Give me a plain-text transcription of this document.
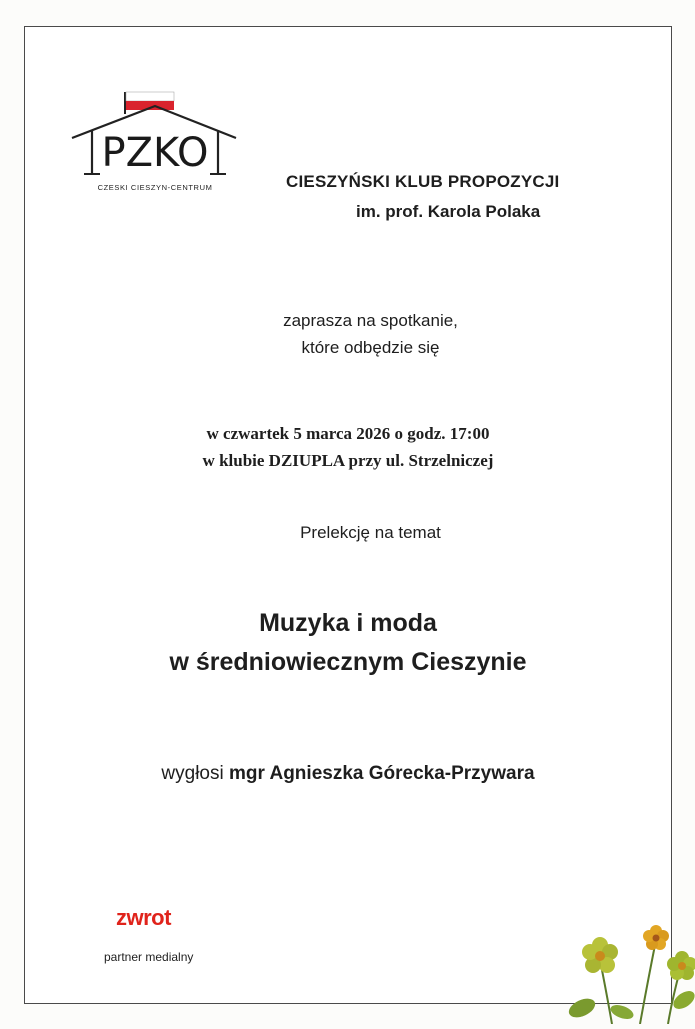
PZKO
CZESKI CIESZYN-CENTRUM	CIESZYŃSKI KLUB PROPOZYCJI
im. prof. Karola Polaka
zaprasza na spotkanie,
które odbędzie się
w czwartek 5 marca 2026 o godz. 17:00
w klubie DZIUPLA przy ul. Strzelniczej
Prelekcję na temat
Muzyka i moda
w średniowiecznym Cieszynie
wygłosi mgr Agnieszka Górecka-Przywara
zwrot
partner medialny
